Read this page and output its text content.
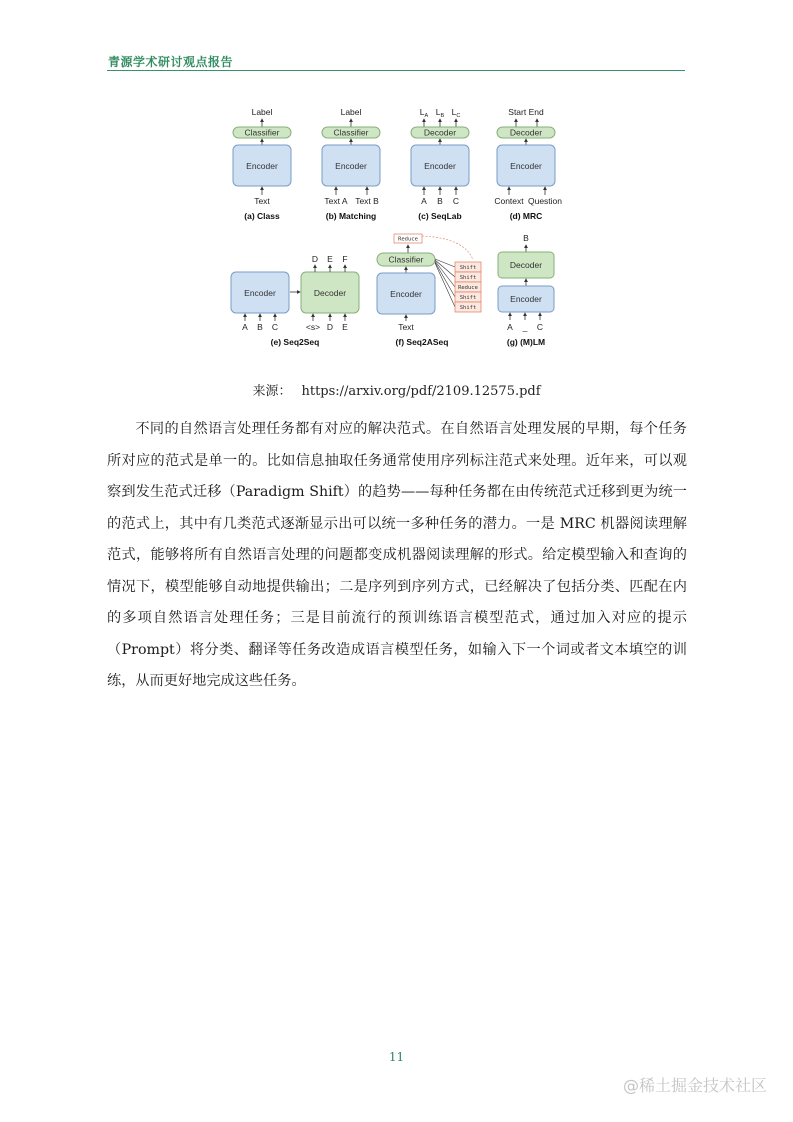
青源学术研讨观点报告
Label
Classifier
Encoder
Text
(a) Class
Label
Classifier
Encoder
Text A Text B
(b) Matching
$L_A$ $L_B$ $L_C$
Decoder
Encoder
A B C
(c) SeqLab
Start End
Decoder
Encoder
Context Question
(d) MRC
Encoder	Decoder
D E F
A B C	<s> D E
(e) Seq2Seq
Reduce
Classifier
Shift
Shift
Reduce
Shift
Shift
Encoder
Text
(f) Seq2ASeq
B
Decoder
Encoder
A _ C
(g) (M)LM
来源： https://arxiv.org/pdf/2109.12575.pdf

不同的自然语言处理任务都有对应的解决范式。在自然语言处理发展的早期，每个任务所对应的范式是单一的。比如信息抽取任务通常使用序列标注范式来处理。近年来，可以观察到发生范式迁移（Paradigm Shift）的趋势——每种任务都在由传统范式迁移到更为统一的范式上，其中有几类范式逐渐显示出可以统一多种任务的潜力。一是 MRC 机器阅读理解范式，能够将所有自然语言处理的问题都变成机器阅读理解的形式。给定模型输入和查询的情况下，模型能够自动地提供输出；二是序列到序列方式，已经解决了包括分类、匹配在内的多项自然语言处理任务；三是目前流行的预训练语言模型范式，通过加入对应的提示（Prompt）将分类、翻译等任务改造成语言模型任务，如输入下一个词或者文本填空的训练，从而更好地完成这些任务。

11
@稀土掘金技术社区
